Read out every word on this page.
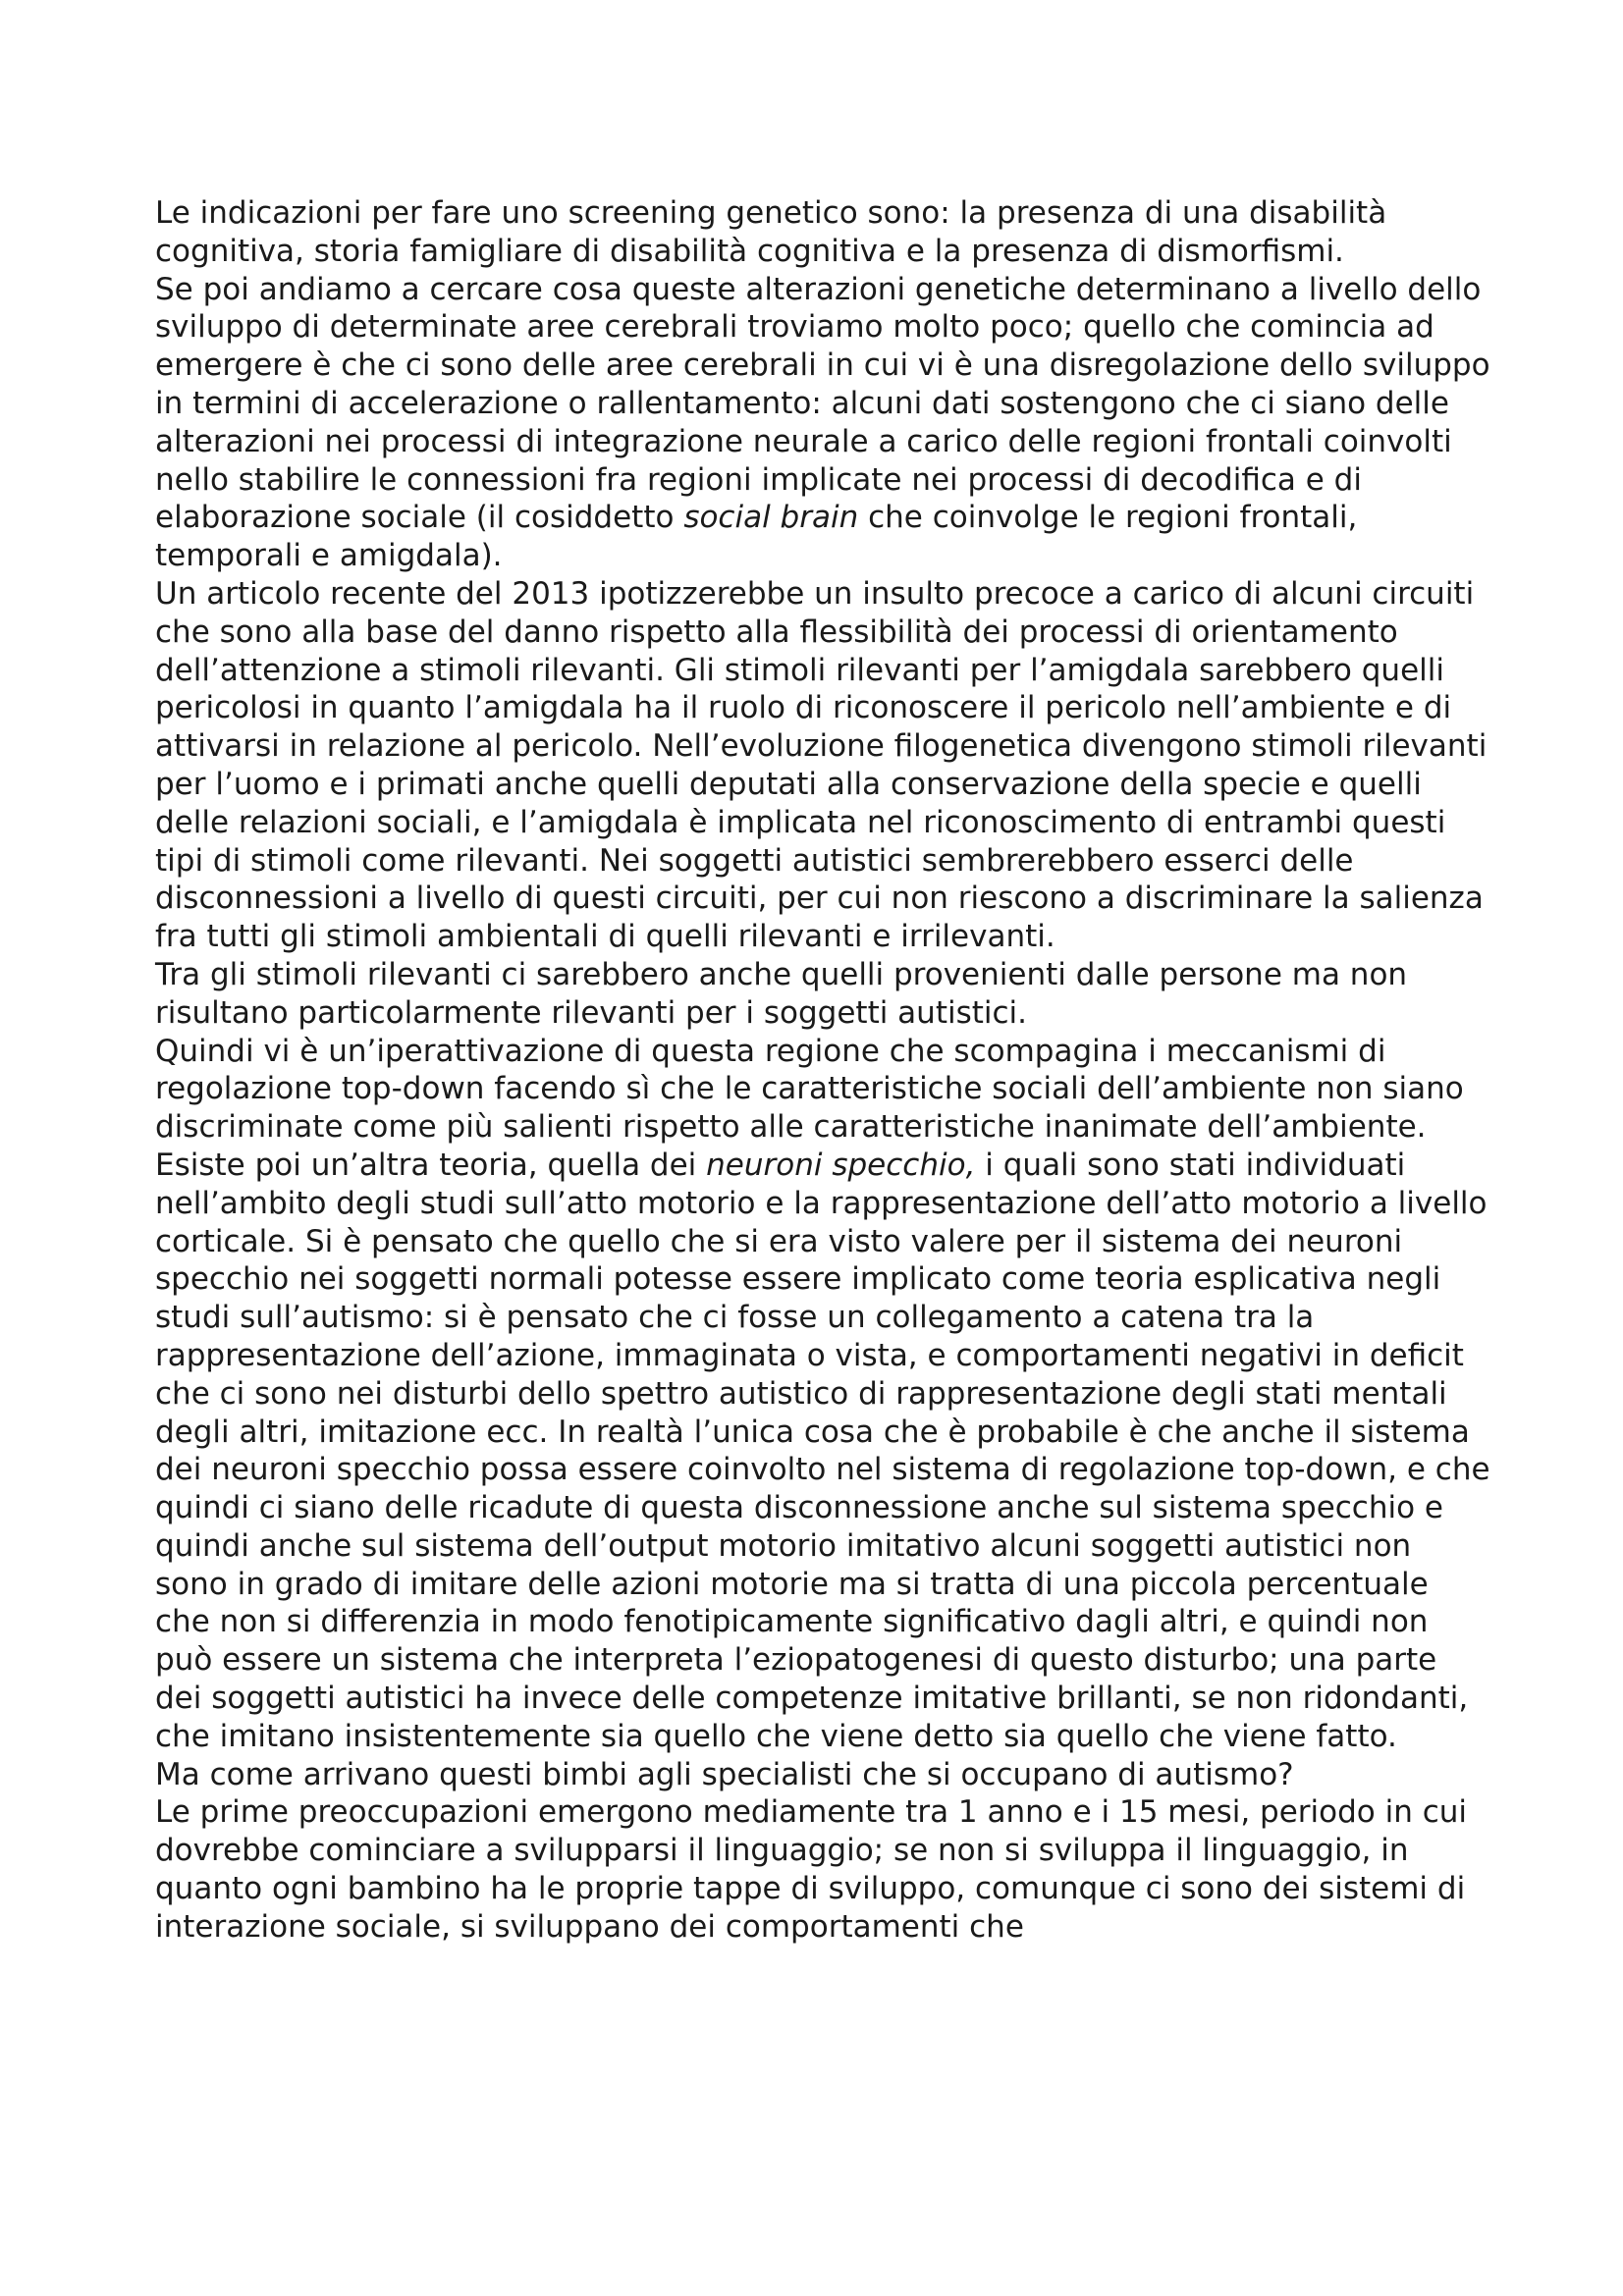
Le indicazioni per fare uno screening genetico sono: la presenza di una disabilità cognitiva, storia famigliare di disabilità cognitiva e la presenza di dismorfismi.

Se poi andiamo a cercare cosa queste alterazioni genetiche determinano a livello dello sviluppo di determinate aree cerebrali troviamo molto poco; quello che comincia ad emergere è che ci sono delle aree cerebrali in cui vi è una disregolazione dello sviluppo in termini di accelerazione o rallentamento: alcuni dati sostengono che ci siano delle alterazioni nei processi di integrazione neurale a carico delle regioni frontali coinvolti nello stabilire le connessioni fra regioni implicate nei processi di decodifica e di elaborazione sociale (il cosiddetto social brain che coinvolge le regioni frontali, temporali e amigdala).

Un articolo recente del 2013 ipotizzerebbe un insulto precoce a carico di alcuni circuiti che sono alla base del danno rispetto alla flessibilità dei processi di orientamento dell’attenzione a stimoli rilevanti. Gli stimoli rilevanti per l’amigdala sarebbero quelli pericolosi in quanto l’amigdala ha il ruolo di riconoscere il pericolo nell’ambiente e di attivarsi in relazione al pericolo. Nell’evoluzione filogenetica divengono stimoli rilevanti per l’uomo e i primati anche quelli deputati alla conservazione della specie e quelli delle relazioni sociali, e l’amigdala è implicata nel riconoscimento di entrambi questi tipi di stimoli come rilevanti. Nei soggetti autistici sembrerebbero esserci delle disconnessioni a livello di questi circuiti, per cui non riescono a discriminare la salienza fra tutti gli stimoli ambientali di quelli rilevanti e irrilevanti.

Tra gli stimoli rilevanti ci sarebbero anche quelli provenienti dalle persone ma non risultano particolarmente rilevanti per i soggetti autistici.

Quindi vi è un’iperattivazione di questa regione che scompagina i meccanismi di regolazione top-down facendo sì che le caratteristiche sociali dell’ambiente non siano discriminate come più salienti rispetto alle caratteristiche inanimate dell’ambiente.

Esiste poi un’altra teoria, quella dei neuroni specchio, i quali sono stati individuati nell’ambito degli studi sull’atto motorio e la rappresentazione dell’atto motorio a livello corticale. Si è pensato che quello che si era visto valere per il sistema dei neuroni specchio nei soggetti normali potesse essere implicato come teoria esplicativa negli studi sull’autismo: si è pensato che ci fosse un collegamento a catena tra la rappresentazione dell’azione, immaginata o vista, e comportamenti negativi in deficit che ci sono nei disturbi dello spettro autistico di rappresentazione degli stati mentali degli altri, imitazione ecc. In realtà l’unica cosa che è probabile è che anche il sistema dei neuroni specchio possa essere coinvolto nel sistema di regolazione top-down, e che quindi ci siano delle ricadute di questa disconnessione anche sul sistema specchio e quindi anche sul sistema dell’output motorio imitativo alcuni soggetti autistici non sono in grado di imitare delle azioni motorie ma si tratta di una piccola percentuale che non si differenzia in modo fenotipicamente significativo dagli altri, e quindi non può essere un sistema che interpreta l’eziopatogenesi di questo disturbo; una parte dei soggetti autistici ha invece delle competenze imitative brillanti, se non ridondanti, che imitano insistentemente sia quello che viene detto sia quello che viene fatto.

Ma come arrivano questi bimbi agli specialisti che si occupano di autismo?

Le prime preoccupazioni emergono mediamente tra 1 anno e i 15 mesi, periodo in cui dovrebbe cominciare a svilupparsi il linguaggio; se non si sviluppa il linguaggio, in quanto ogni bambino ha le proprie tappe di sviluppo, comunque ci sono dei sistemi di interazione sociale, si sviluppano dei comportamenti che
